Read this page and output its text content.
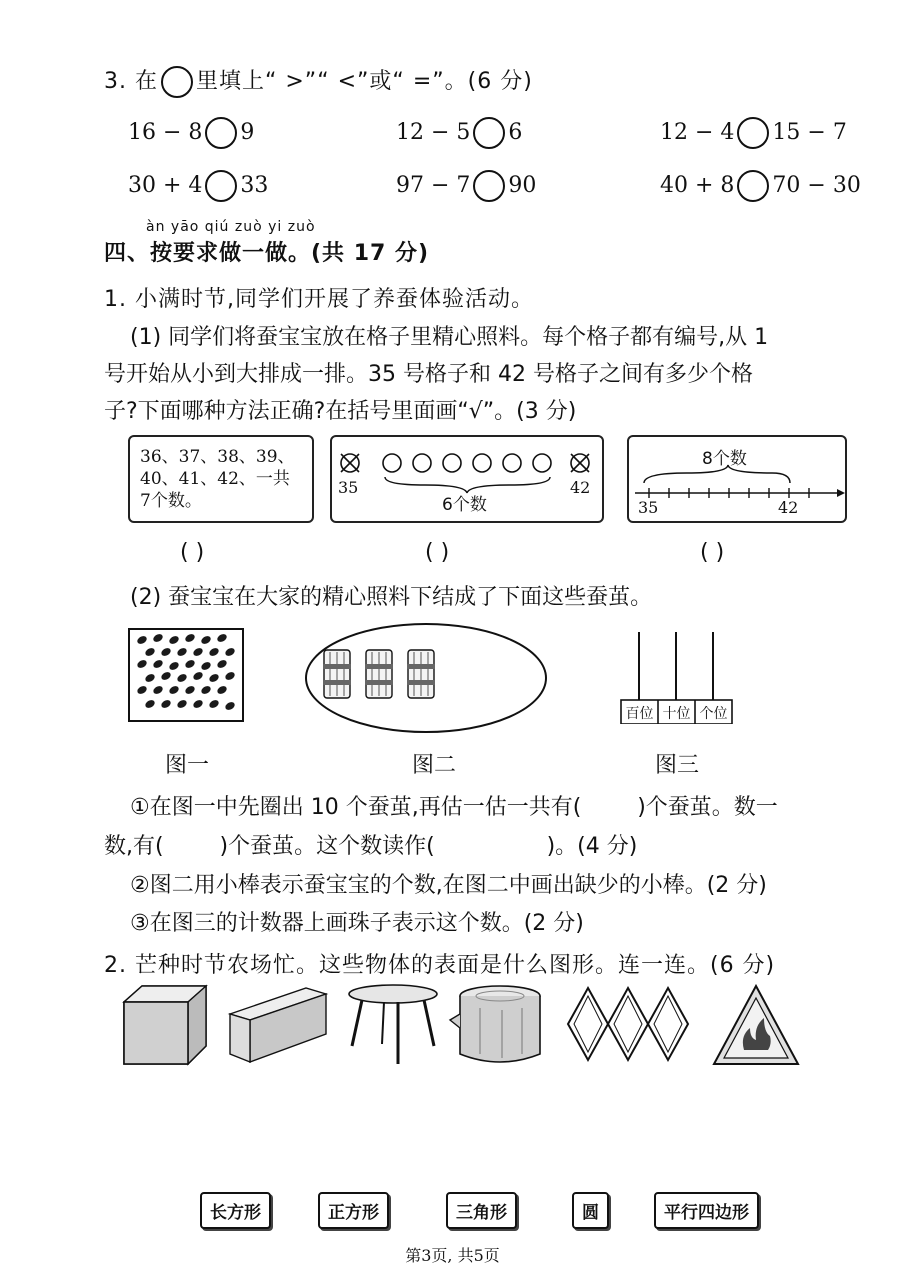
3. 在 里填上“ >”“ <”或“ =”。(6 分)
16 − 8 9	12 − 5 6	12 − 4 15 − 7
30 + 4 33	97 − 7 90	40 + 8 70 − 30
àn yāo qiú zuò yi zuò
四、按要求做一做。(共 17 分)
1. 小满时节,同学们开展了养蚕体验活动。
(1) 同学们将蚕宝宝放在格子里精心照料。每个格子都有编号,从 1
号开始从小到大排成一排。35 号格子和 42 号格子之间有多少个格
子?下面哪种方法正确?在括号里面画“√”。(3 分)
36、37、38、39、
40、41、42、一共
7个数。
35	42
6个数
8个数
35	42
( )	( )	( )
(2) 蚕宝宝在大家的精心照料下结成了下面这些蚕茧。
百位 十位 个位
图一	图二	图三
①在图一中先圈出 10 个蚕茧,再估一估一共有(        )个蚕茧。数一
数,有(        )个蚕茧。这个数读作(                )。(4 分)
②图二用小棒表示蚕宝宝的个数,在图二中画出缺少的小棒。(2 分)
③在图三的计数器上画珠子表示这个数。(2 分)
2. 芒种时节农场忙。这些物体的表面是什么图形。连一连。(6 分)
长方形	正方形	三角形	圆	平行四边形
第3页, 共5页
